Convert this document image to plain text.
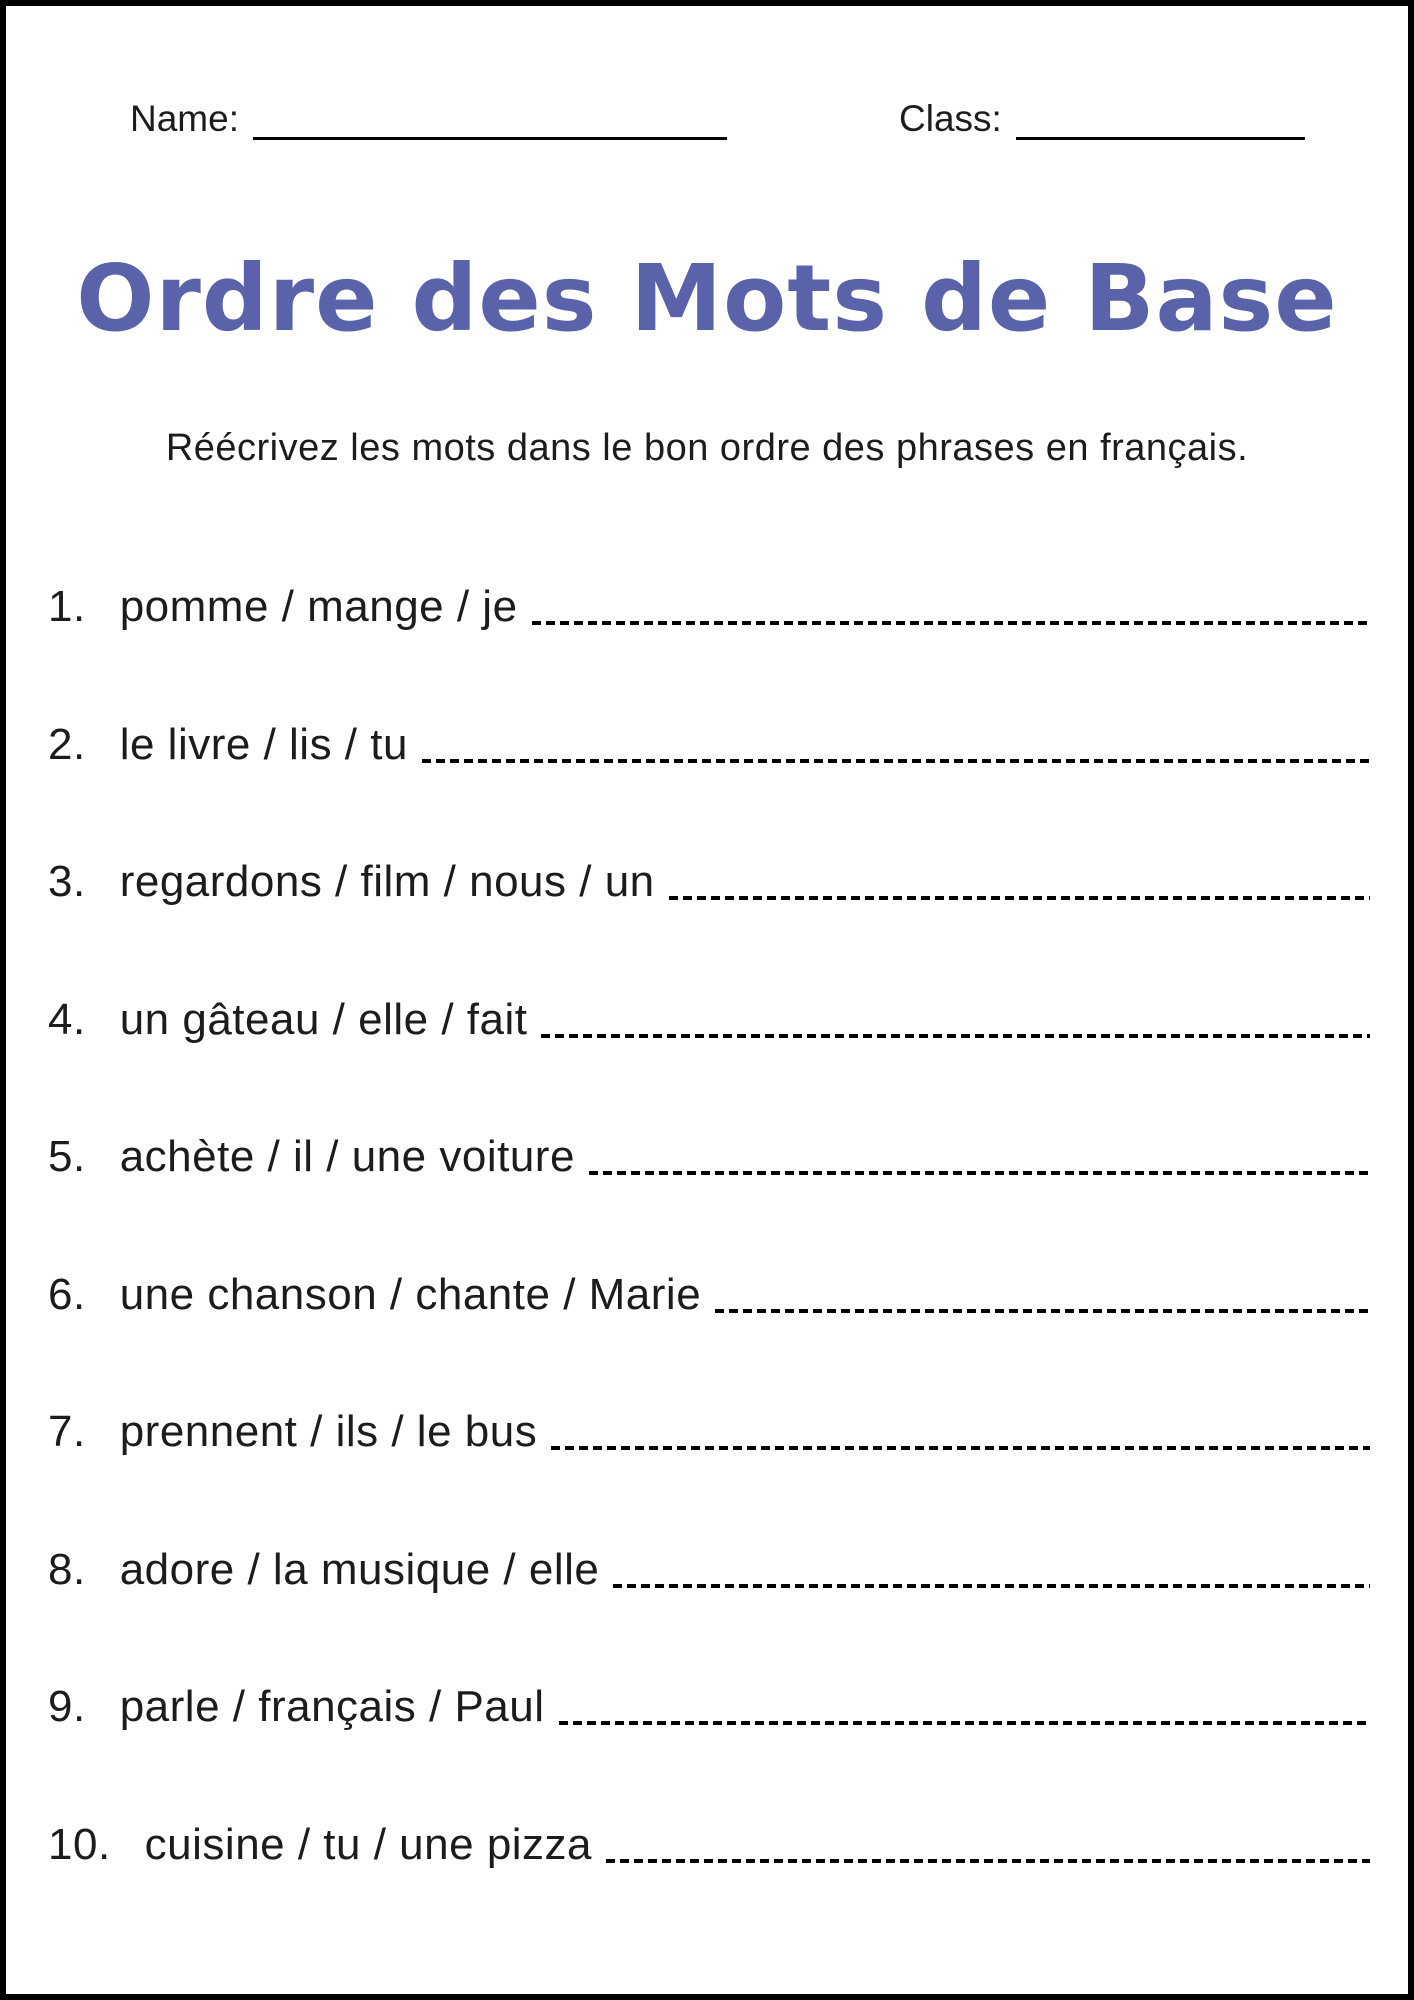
Name:	Class:
Ordre des Mots de Base
Réécrivez les mots dans le bon ordre des phrases en français.
1. pomme / mange / je
2. le livre / lis / tu
3. regardons / film / nous / un
4. un gâteau / elle / fait
5. achète / il / une voiture
6. une chanson / chante / Marie
7. prennent / ils / le bus
8. adore / la musique / elle
9. parle / français / Paul
10. cuisine / tu / une pizza
